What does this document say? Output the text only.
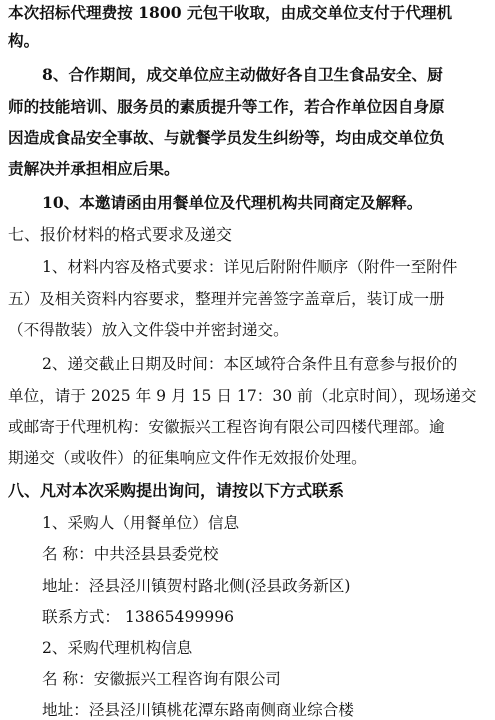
本次招标代理费按 1800 元包干收取，由成交单位支付于代理机
构。
8、合作期间，成交单位应主动做好各自卫生食品安全、厨
师的技能培训、服务员的素质提升等工作，若合作单位因自身原
因造成食品安全事故、与就餐学员发生纠纷等，均由成交单位负
责解决并承担相应后果。
10、本邀请函由用餐单位及代理机构共同商定及解释。
七、报价材料的格式要求及递交
1、材料内容及格式要求：详见后附附件顺序（附件一至附件
五）及相关资料内容要求，整理并完善签字盖章后，装订成一册
（不得散装）放入文件袋中并密封递交。
2、递交截止日期及时间：本区域符合条件且有意参与报价的
单位，请于 2025 年 9 月 15 日 17：30 前（北京时间），现场递交
或邮寄于代理机构：安徽振兴工程咨询有限公司四楼代理部。逾
期递交（或收件）的征集响应文件作无效报价处理。
八、凡对本次采购提出询问，请按以下方式联系
1、采购人（用餐单位）信息
名 称：中共泾县县委党校
地址：泾县泾川镇贺村路北侧(泾县政务新区)
联系方式： 13865499996
2、采购代理机构信息
名 称：安徽振兴工程咨询有限公司
地址：泾县泾川镇桃花潭东路南侧商业综合楼
